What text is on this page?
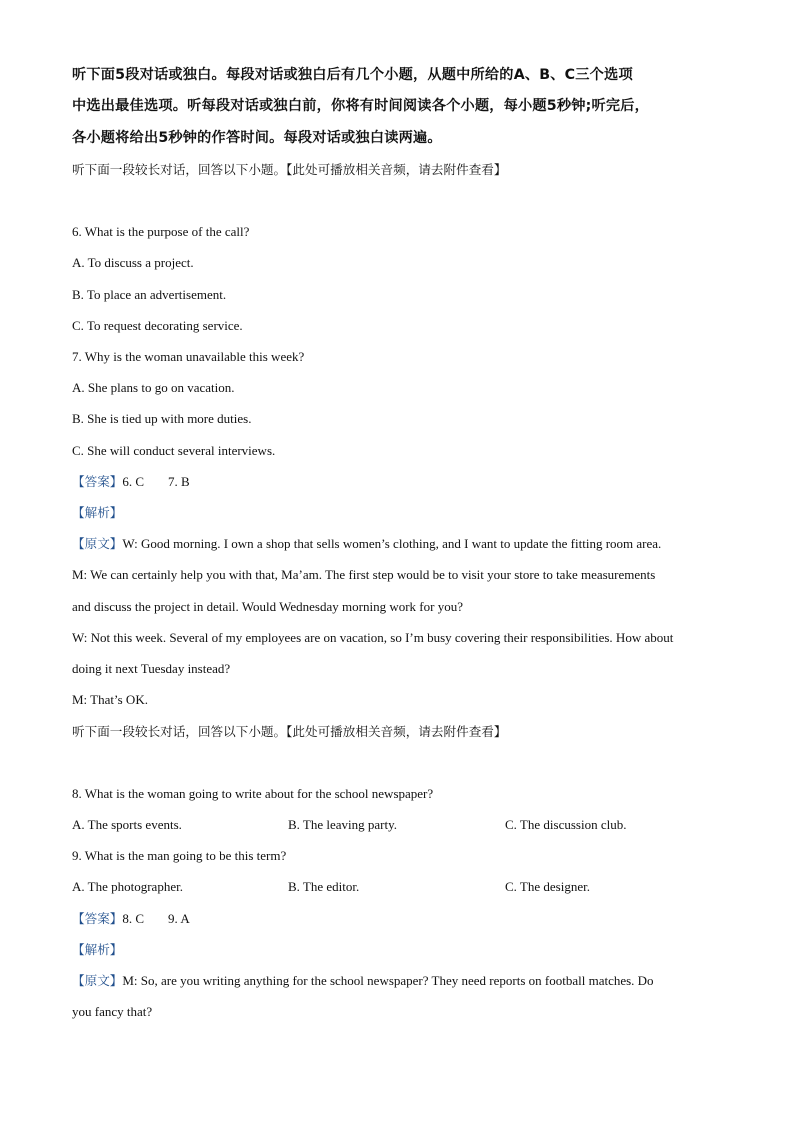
听下面5段对话或独白。每段对话或独白后有几个小题，从题中所给的A、B、C三个选项
中选出最佳选项。听每段对话或独白前，你将有时间阅读各个小题，每小题5秒钟;听完后，
各小题将给出5秒钟的作答时间。每段对话或独白读两遍。
听下面一段较长对话，回答以下小题。【此处可播放相关音频，请去附件查看】
6. What is the purpose of the call?
A. To discuss a project.
B. To place an advertisement.
C. To request decorating service.
7. Why is the woman unavailable this week?
A. She plans to go on vacation.
B. She is tied up with more duties.
C. She will conduct several interviews.
【答案】6. C 7. B
【解析】
【原文】W: Good morning. I own a shop that sells women’s clothing, and I want to update the fitting room area.
M: We can certainly help you with that, Ma’am. The first step would be to visit your store to take measurements
and discuss the project in detail. Would Wednesday morning work for you?
W: Not this week. Several of my employees are on vacation, so I’m busy covering their responsibilities. How about
doing it next Tuesday instead?
M: That’s OK.
听下面一段较长对话，回答以下小题。【此处可播放相关音频，请去附件查看】
8. What is the woman going to write about for the school newspaper?
A. The sports events.	B. The leaving party.	C. The discussion club.
9. What is the man going to be this term?
A. The photographer.	B. The editor.	C. The designer.
【答案】8. C 9. A
【解析】
【原文】M: So, are you writing anything for the school newspaper? They need reports on football matches. Do
you fancy that?
